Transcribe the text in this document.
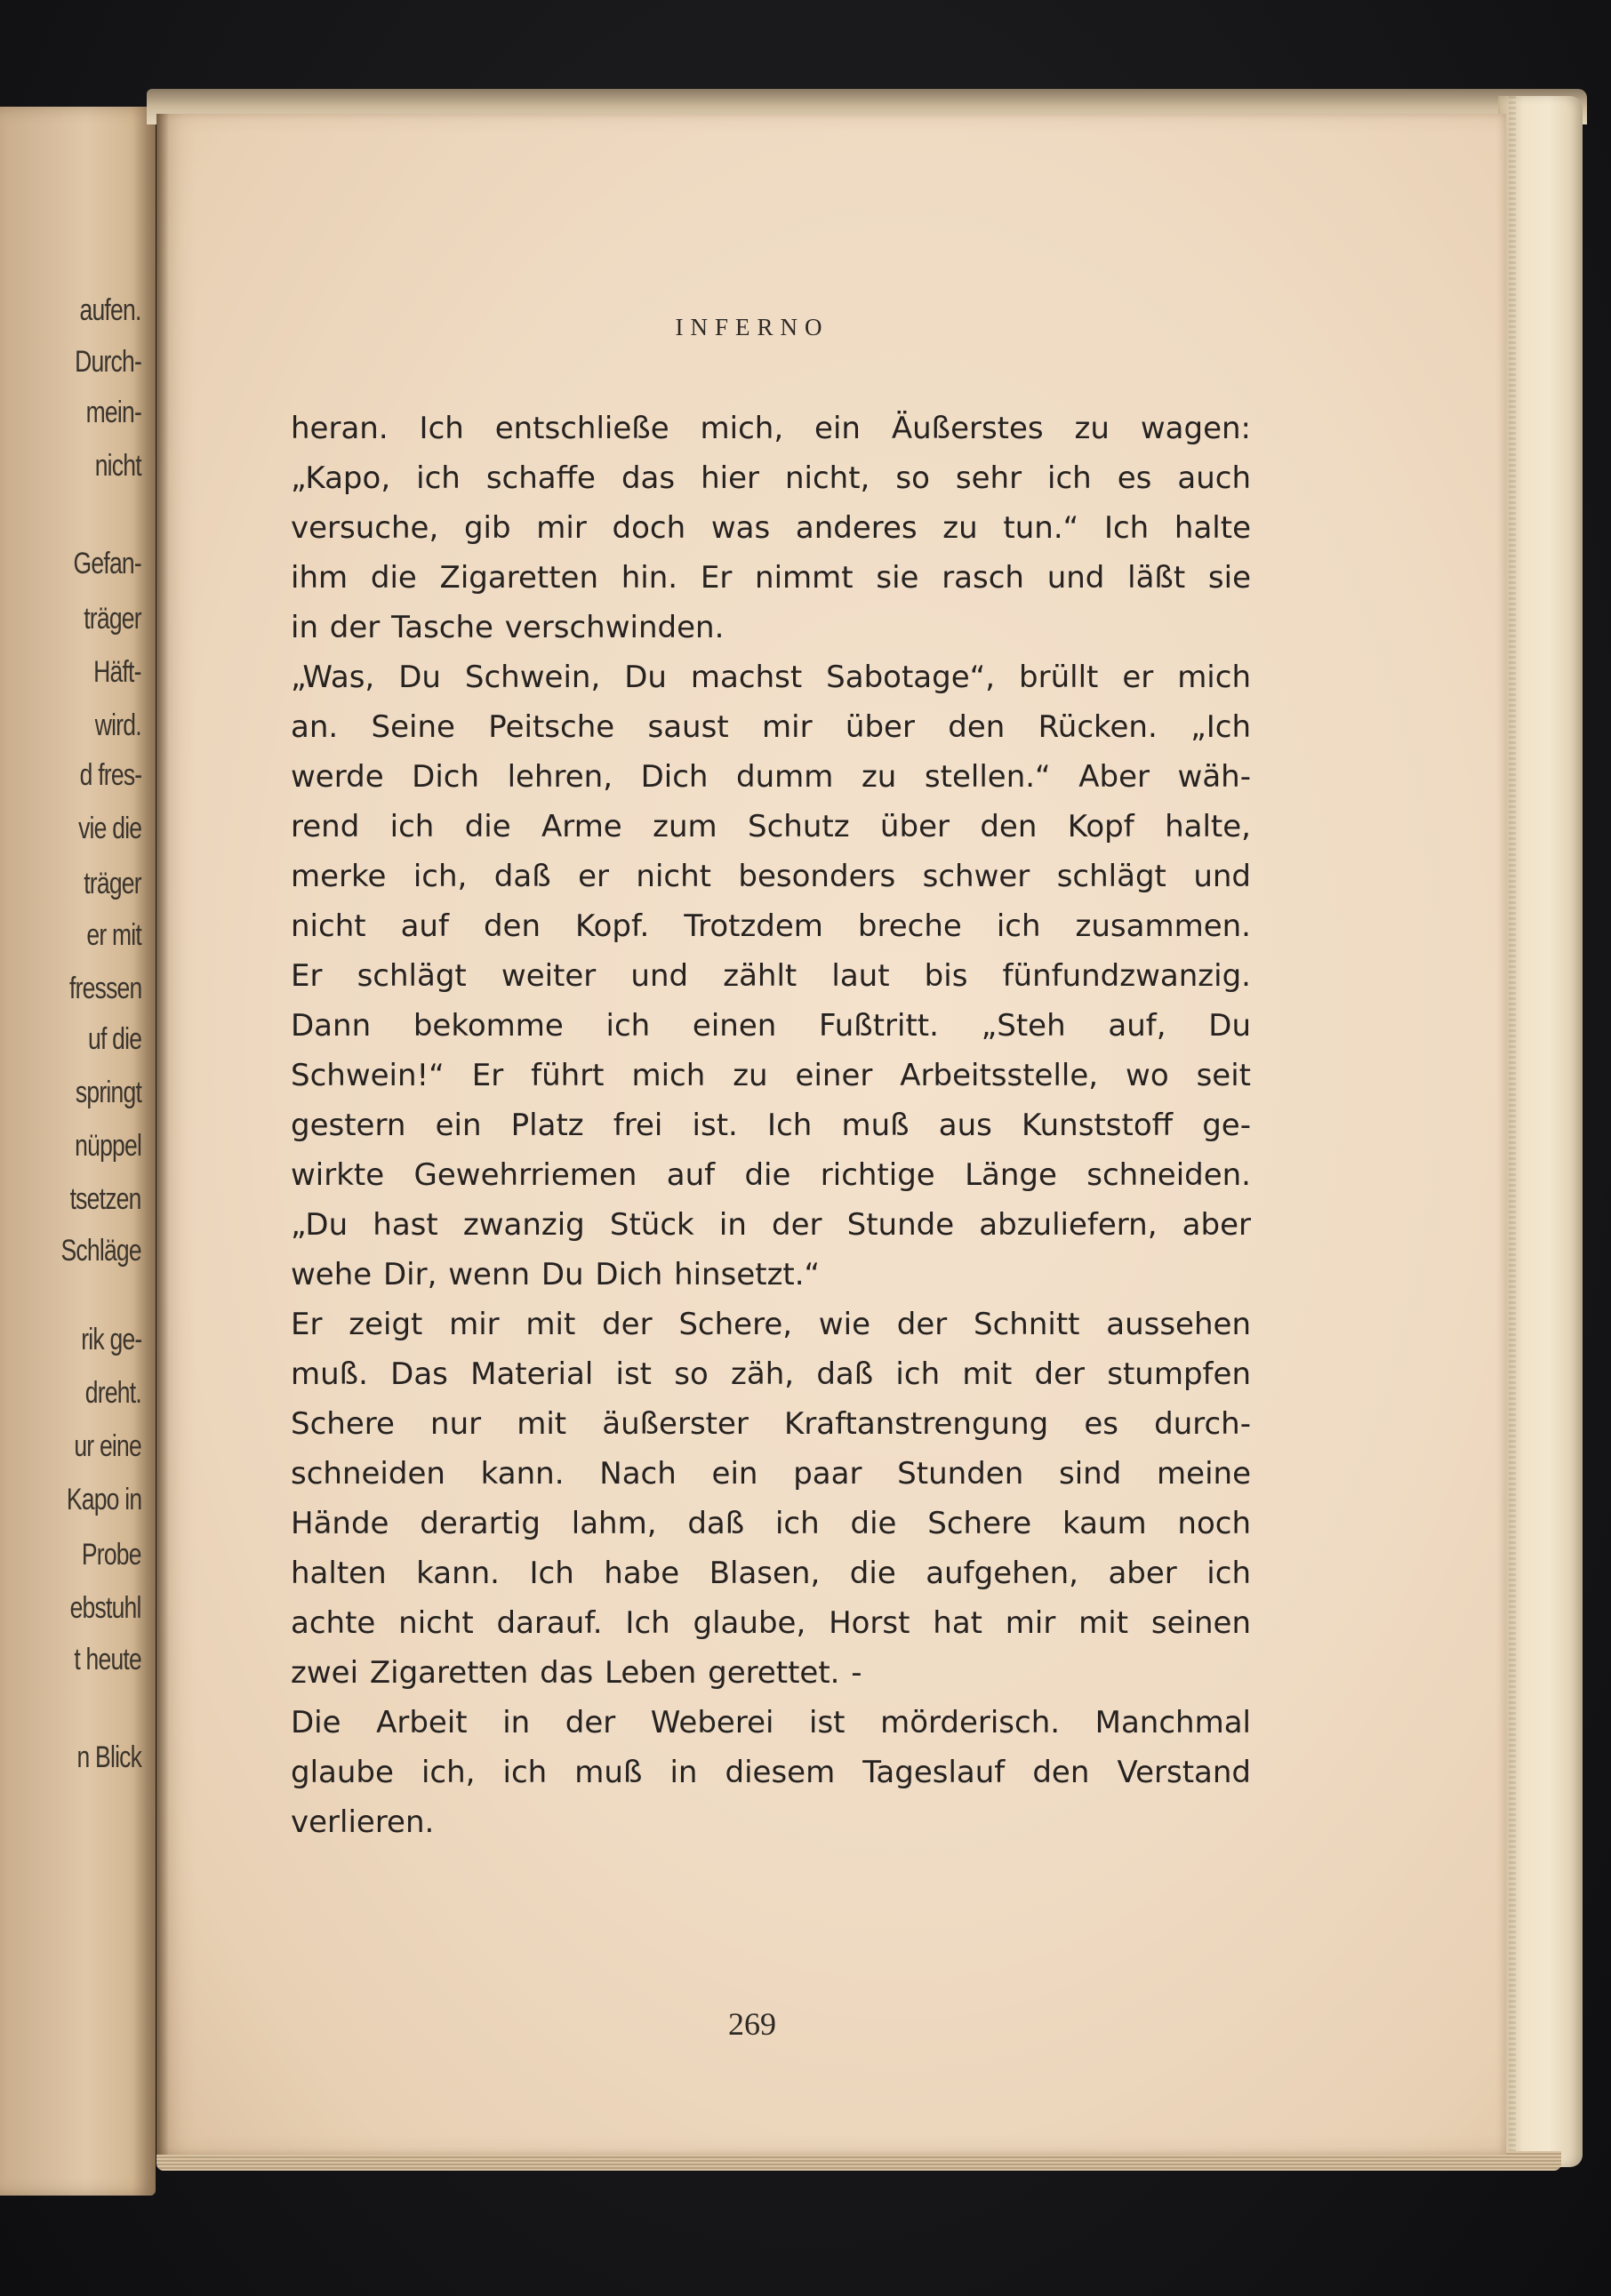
aufen.
Durch-
mein-
nicht
Gefan-
träger
Häft-
wird.
d fres-
vie die
träger
er mit
fressen
uf die
springt
nüppel
tsetzen
Schläge
rik ge-
dreht.
ur eine
Kapo in
Probe
ebstuhl
t heute
n Blick
INFERNO
heran. Ich entschließe mich, ein Äußerstes zu wagen:
„Kapo, ich schaffe das hier nicht, so sehr ich es auch
versuche, gib mir doch was anderes zu tun.“ Ich halte
ihm die Zigaretten hin. Er nimmt sie rasch und läßt sie
in der Tasche verschwinden.
„Was, Du Schwein, Du machst Sabotage“, brüllt er mich
an. Seine Peitsche saust mir über den Rücken. „Ich
werde Dich lehren, Dich dumm zu stellen.“ Aber wäh-
rend ich die Arme zum Schutz über den Kopf halte,
merke ich, daß er nicht besonders schwer schlägt und
nicht auf den Kopf. Trotzdem breche ich zusammen.
Er schlägt weiter und zählt laut bis fünfundzwanzig.
Dann bekomme ich einen Fußtritt. „Steh auf, Du
Schwein!“ Er führt mich zu einer Arbeitsstelle, wo seit
gestern ein Platz frei ist. Ich muß aus Kunststoff ge-
wirkte Gewehrriemen auf die richtige Länge schneiden.
„Du hast zwanzig Stück in der Stunde abzuliefern, aber
wehe Dir, wenn Du Dich hinsetzt.“
Er zeigt mir mit der Schere, wie der Schnitt aussehen
muß. Das Material ist so zäh, daß ich mit der stumpfen
Schere nur mit äußerster Kraftanstrengung es durch-
schneiden kann. Nach ein paar Stunden sind meine
Hände derartig lahm, daß ich die Schere kaum noch
halten kann. Ich habe Blasen, die aufgehen, aber ich
achte nicht darauf. Ich glaube, Horst hat mir mit seinen
zwei Zigaretten das Leben gerettet. -
Die Arbeit in der Weberei ist mörderisch. Manchmal
glaube ich, ich muß in diesem Tageslauf den Verstand
verlieren.
269
